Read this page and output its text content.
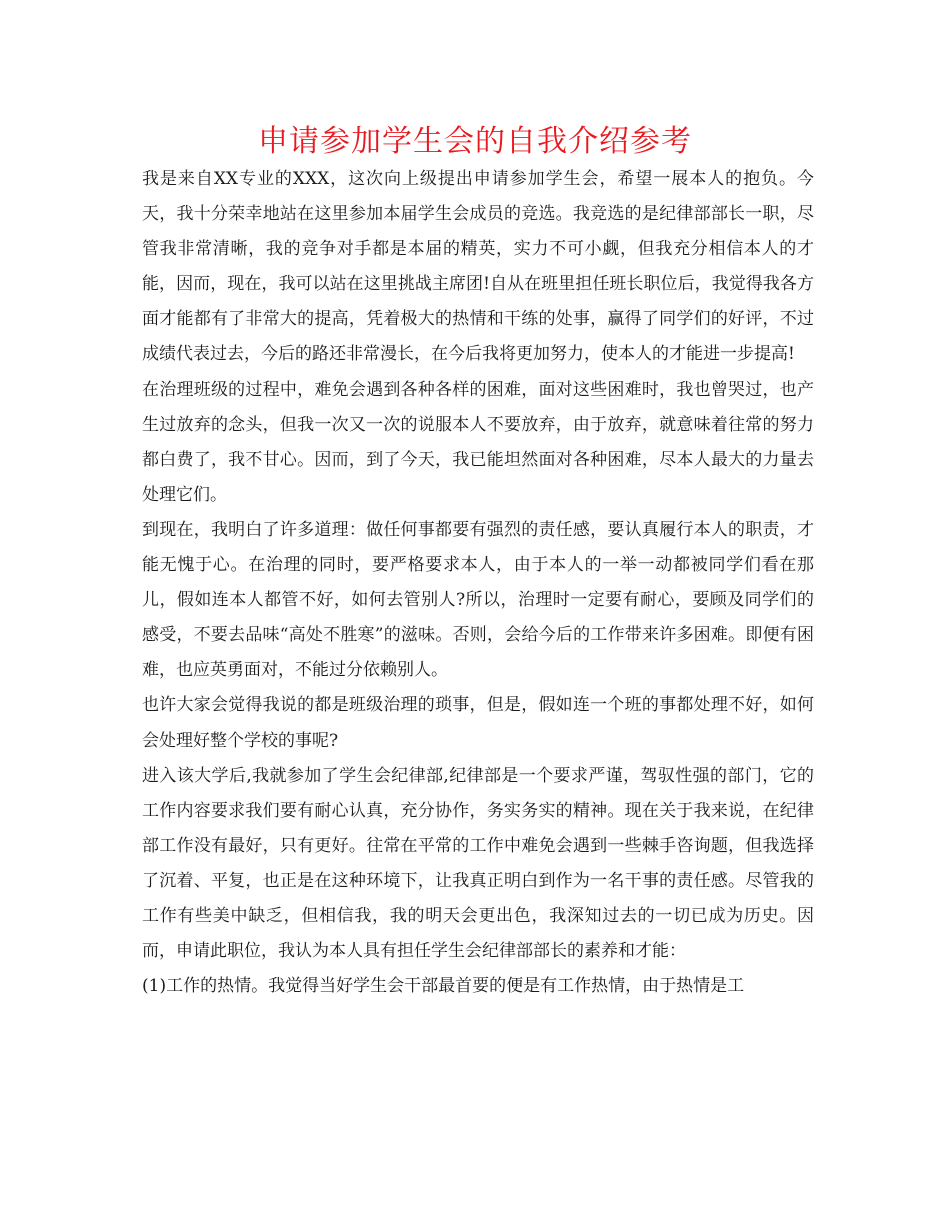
申请参加学生会的自我介绍参考

我是来自XX专业的XXX，这次向上级提出申请参加学生会，希望一展本人的抱负。今天，我十分荣幸地站在这里参加本届学生会成员的竞选。我竞选的是纪律部部长一职，尽管我非常清晰，我的竞争对手都是本届的精英，实力不可小觑，但我充分相信本人的才能，因而，现在，我可以站在这里挑战主席团!自从在班里担任班长职位后，我觉得我各方面才能都有了非常大的提高，凭着极大的热情和干练的处事，赢得了同学们的好评，不过成绩代表过去，今后的路还非常漫长，在今后我将更加努力，使本人的才能进一步提高!

在治理班级的过程中，难免会遇到各种各样的困难，面对这些困难时，我也曾哭过，也产生过放弃的念头，但我一次又一次的说服本人不要放弃，由于放弃，就意味着往常的努力都白费了，我不甘心。因而，到了今天，我已能坦然面对各种困难，尽本人最大的力量去处理它们。

到现在，我明白了许多道理：做任何事都要有强烈的责任感，要认真履行本人的职责，才能无愧于心。在治理的同时，要严格要求本人，由于本人的一举一动都被同学们看在那儿，假如连本人都管不好，如何去管别人?所以，治理时一定要有耐心，要顾及同学们的感受，不要去品味“高处不胜寒”的滋味。否则，会给今后的工作带来许多困难。即便有困难，也应英勇面对，不能过分依赖别人。

也许大家会觉得我说的都是班级治理的琐事，但是，假如连一个班的事都处理不好，如何会处理好整个学校的事呢?

进入该大学后,我就参加了学生会纪律部,纪律部是一个要求严谨，驾驭性强的部门，它的工作内容要求我们要有耐心认真，充分协作，务实务实的精神。现在关于我来说，在纪律部工作没有最好，只有更好。往常在平常的工作中难免会遇到一些棘手咨询题，但我选择了沉着、平复，也正是在这种环境下，让我真正明白到作为一名干事的责任感。尽管我的工作有些美中缺乏，但相信我，我的明天会更出色，我深知过去的一切已成为历史。因而，申请此职位，我认为本人具有担任学生会纪律部部长的素养和才能：

(1)工作的热情。我觉得当好学生会干部最首要的便是有工作热情，由于热情是工
